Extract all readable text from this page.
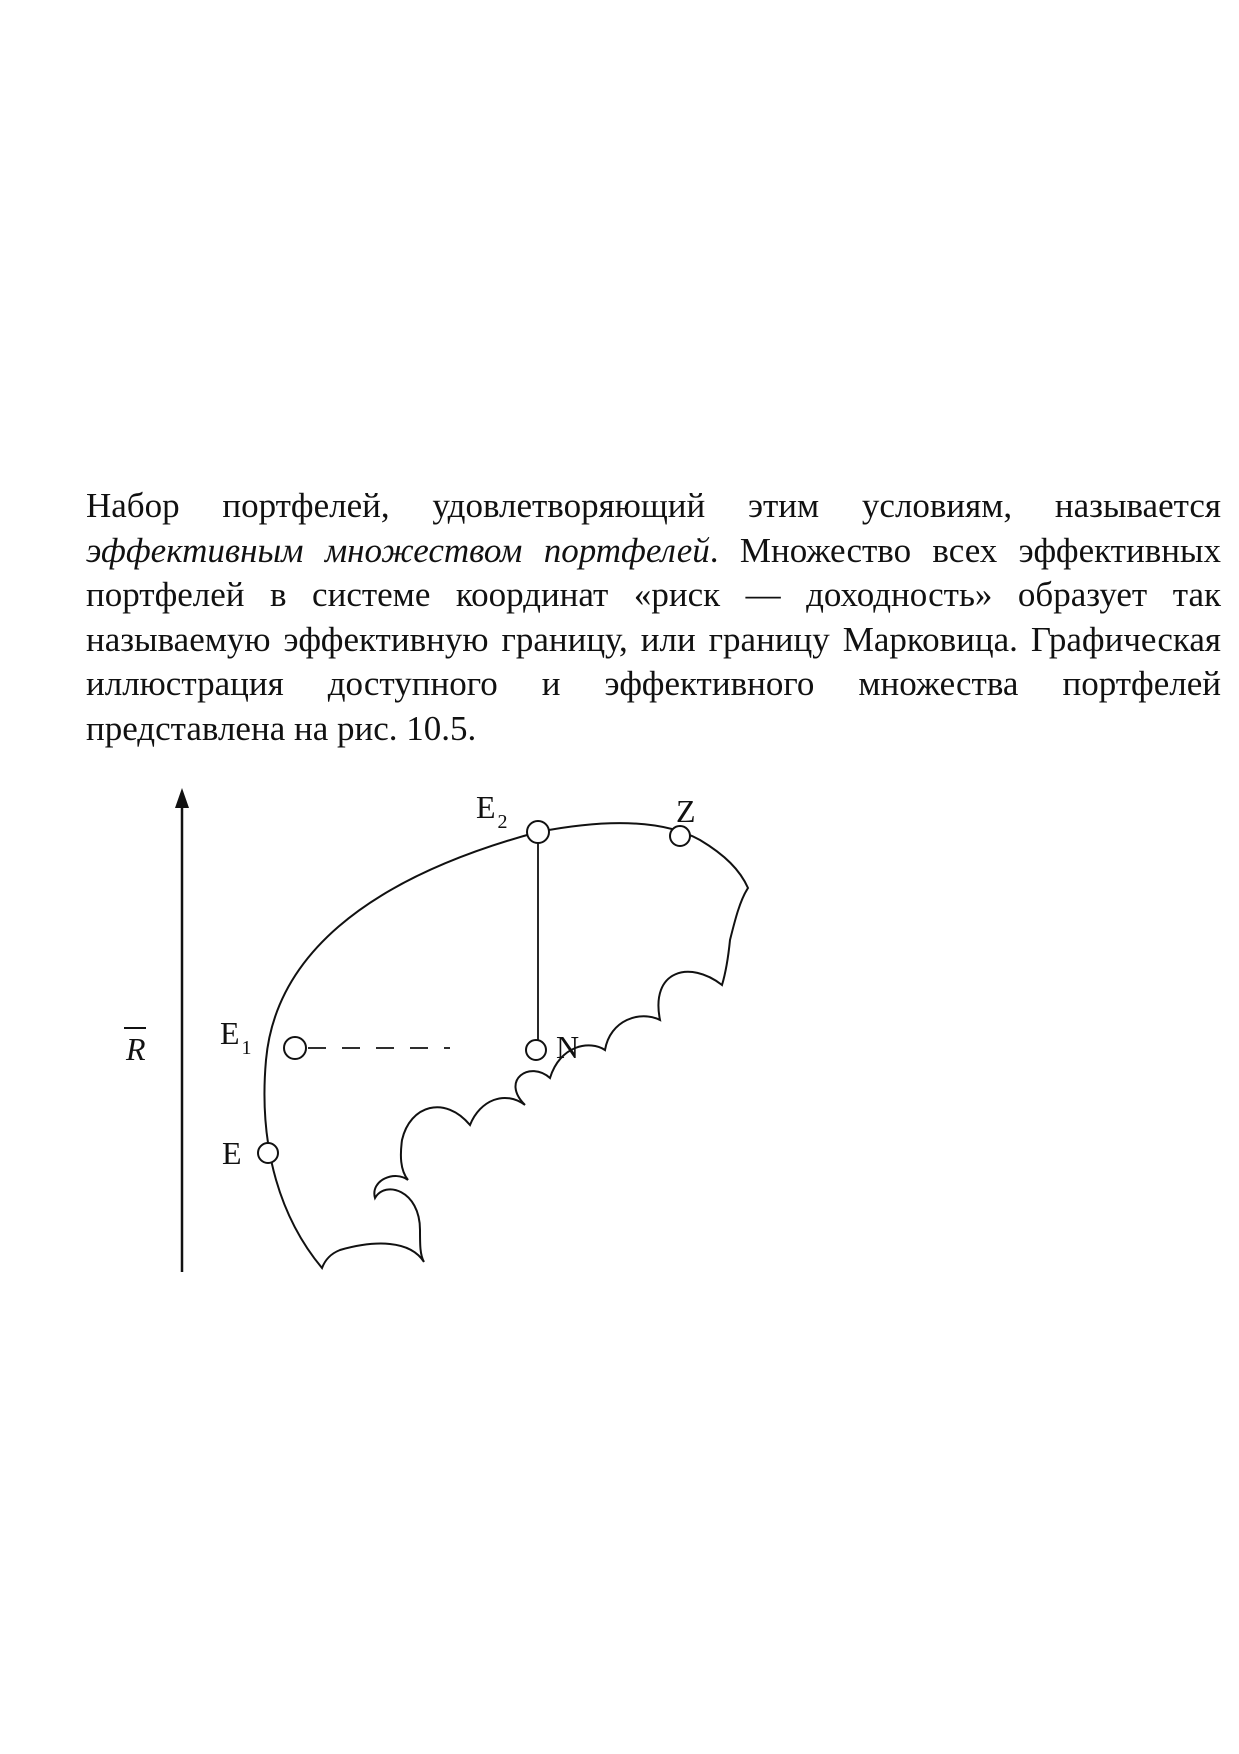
Набор портфелей, удовлетворяющий этим условиям, называется эффективным множеством портфелей. Множество всех эффективных портфелей в системе координат «риск — доходность» образует так называемую эффективную границу, или границу Марковица. Графическая иллюстрация доступного и эффективного множества портфелей представлена на рис. 10.5.
R
E
E $_1$
E $_2$
N
Z
